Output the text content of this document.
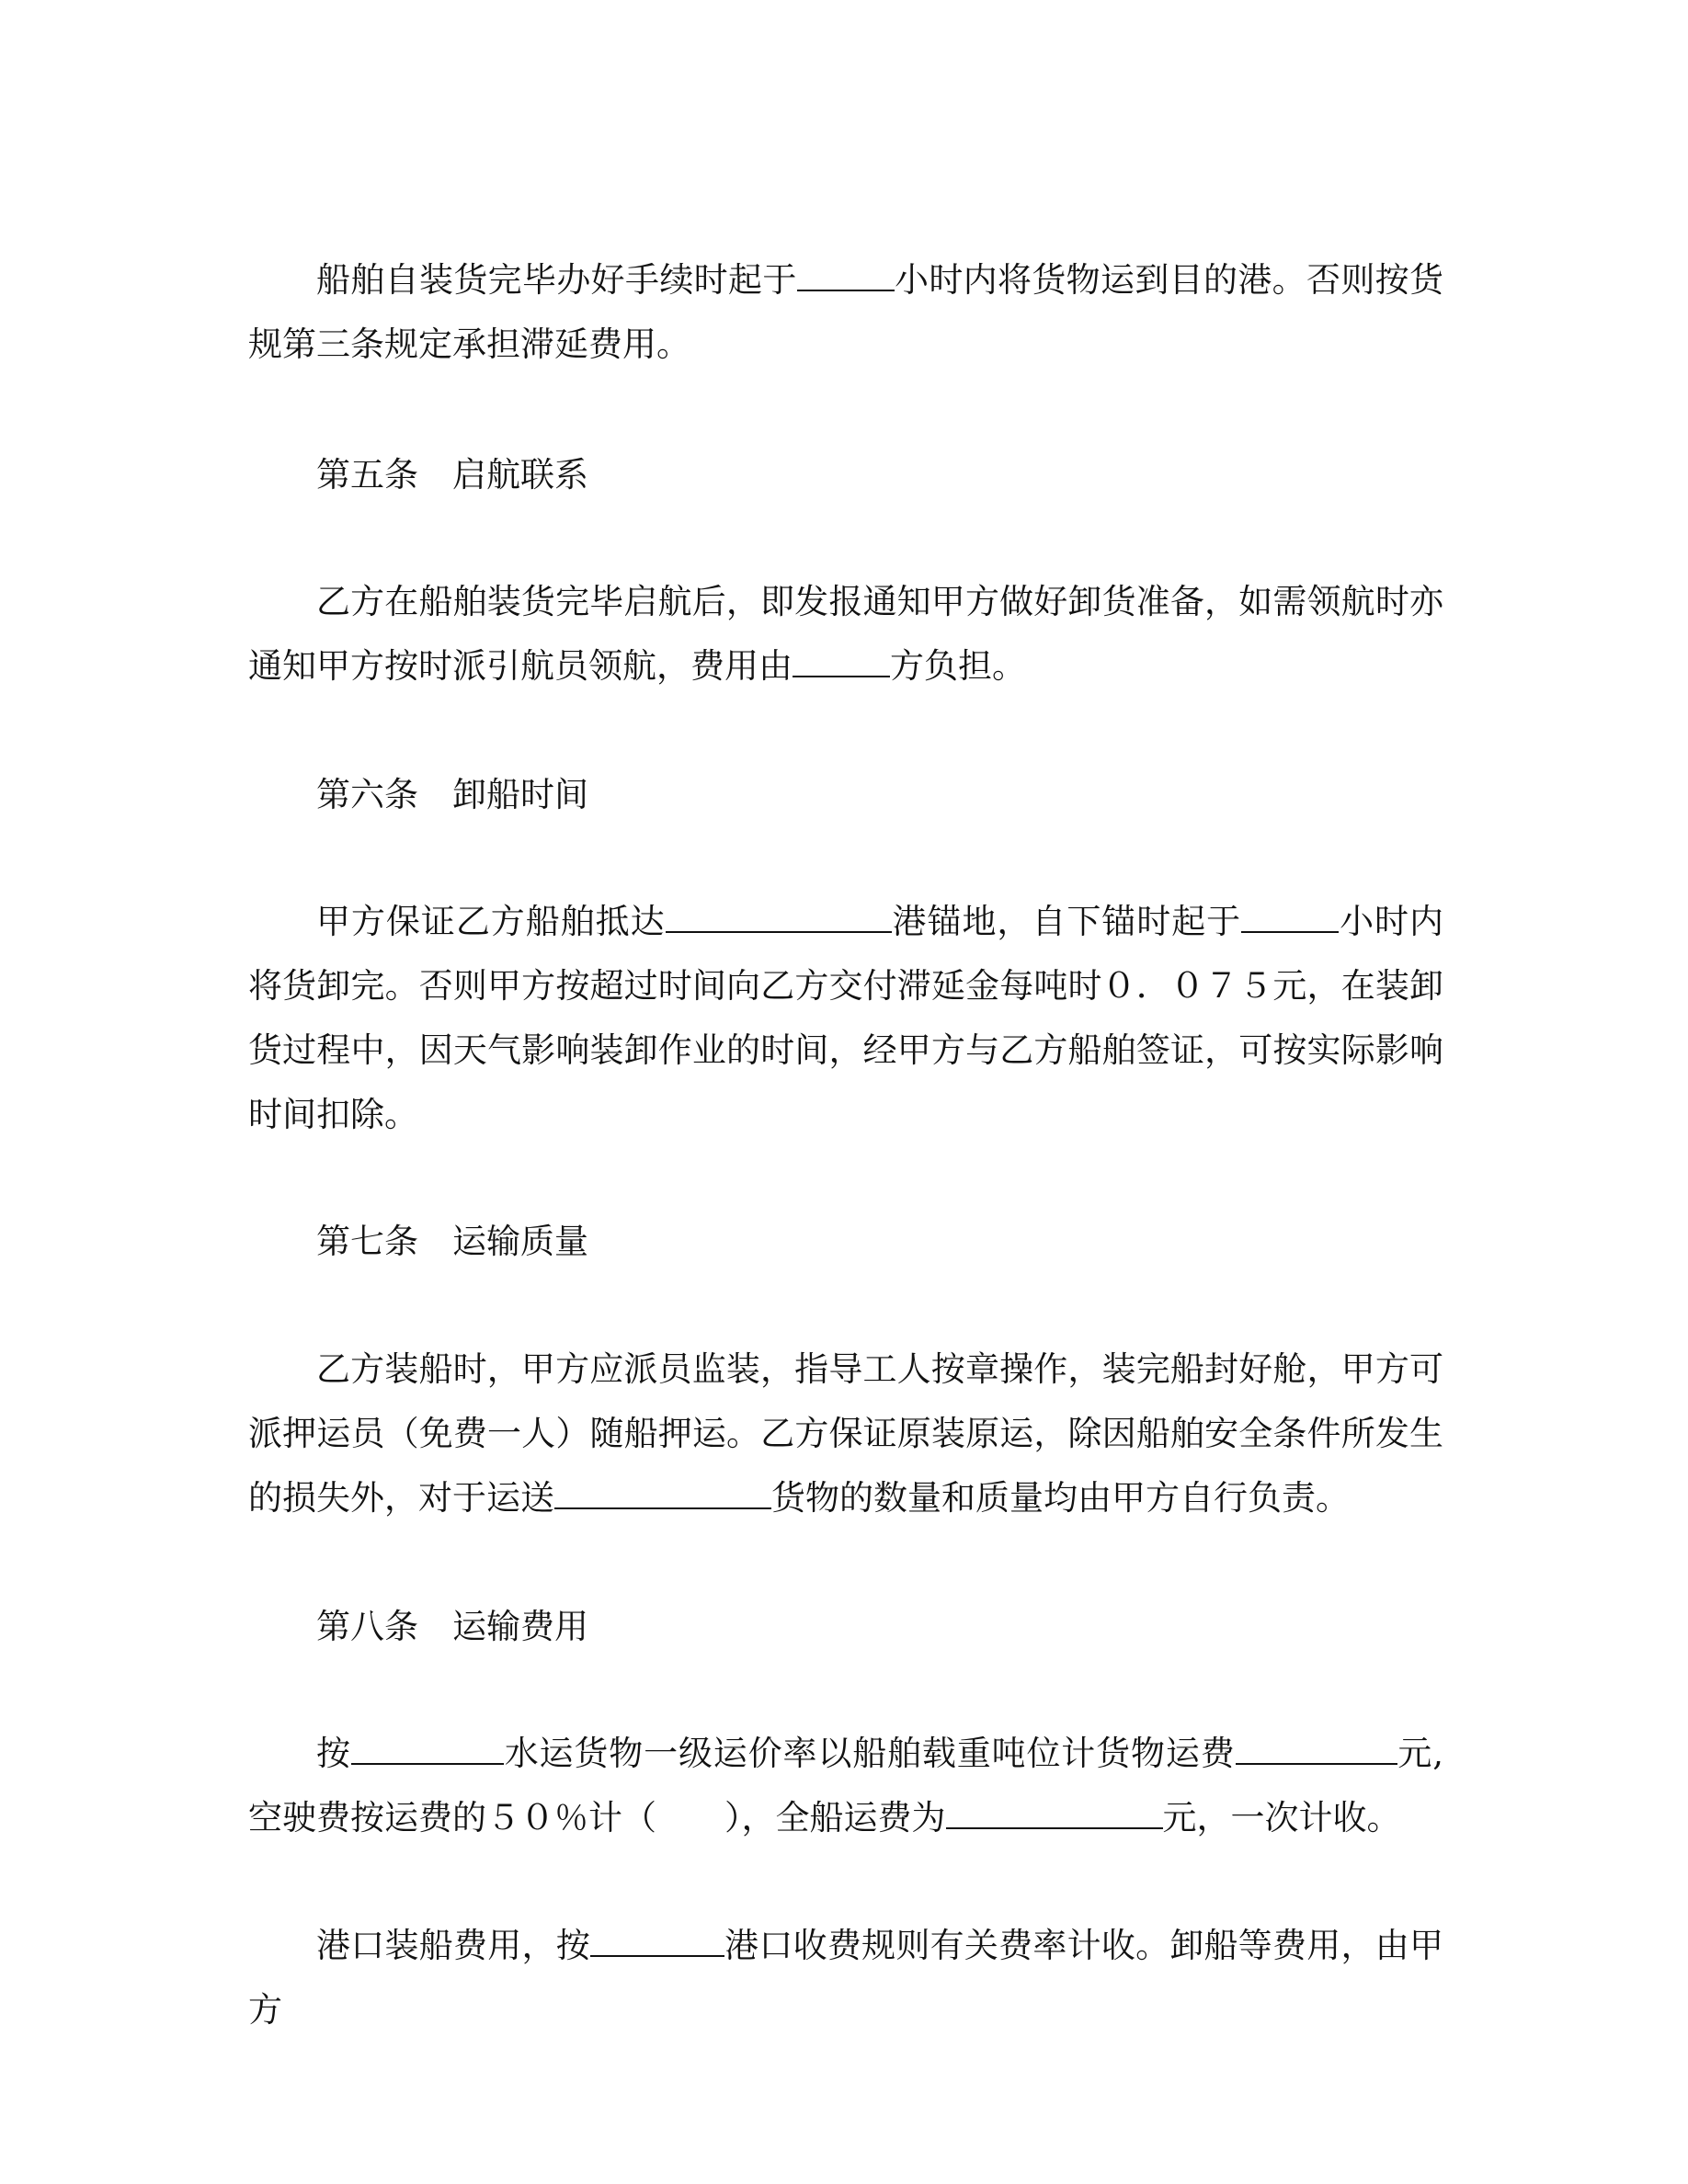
船舶自装货完毕办好手续时起于	小时内将货物运到目的港。否则按货规第三条规定承担滞延费用。

第五条　启航联系

乙方在船舶装货完毕启航后，即发报通知甲方做好卸货准备，如需领航时亦通知甲方按时派引航员领航，费用由	方负担。

第六条　卸船时间

甲方保证乙方船舶抵达	港锚地，自下锚时起于	小时内将货卸完。否则甲方按超过时间向乙方交付滞延金每吨时０．０７５元，在装卸货过程中，因天气影响装卸作业的时间，经甲方与乙方船舶签证，可按实际影响时间扣除。

第七条　运输质量

乙方装船时，甲方应派员监装，指导工人按章操作，装完船封好舱，甲方可派押运员（免费一人）随船押运。乙方保证原装原运，除因船舶安全条件所发生的损失外，对于运送	货物的数量和质量均由甲方自行负责。

第八条　运输费用

按	水运货物一级运价率以船舶载重吨位计货物运费	元,空驶费按运费的５０％计（　　），全船运费为	元，一次计收。

港口装船费用，按	港口收费规则有关费率计收。卸船等费用，由甲方
